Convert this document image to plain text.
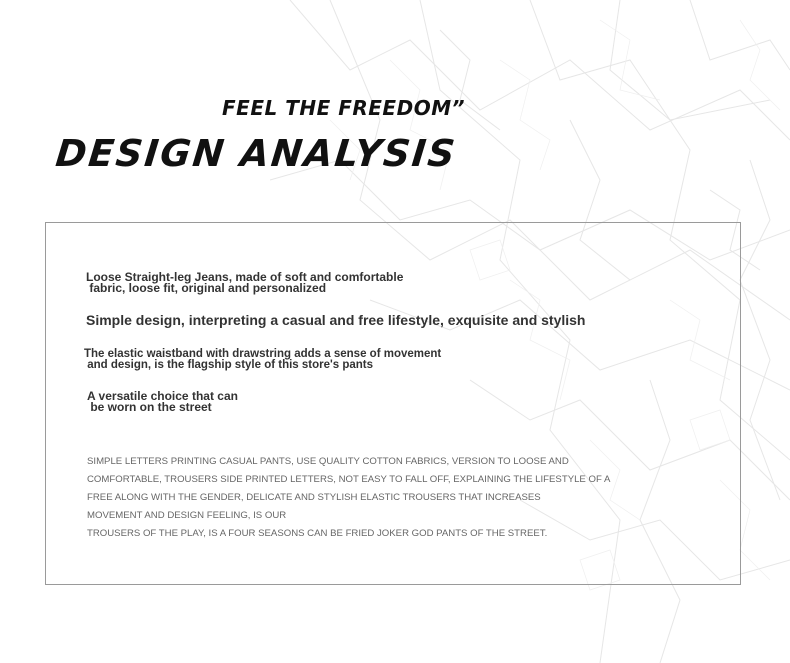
FEEL THE FREEDOM”
DESIGN ANALYSIS
Loose Straight-leg Jeans, made of soft and comfortable
fabric, loose fit, original and personalized
Simple design, interpreting a casual and free lifestyle, exquisite and stylish
The elastic waistband with drawstring adds a sense of movement
and design, is the flagship style of this store's pants
A versatile choice that can
be worn on the street
SIMPLE LETTERS PRINTING CASUAL PANTS, USE QUALITY COTTON FABRICS, VERSION TO LOOSE AND
COMFORTABLE, TROUSERS SIDE PRINTED LETTERS, NOT EASY TO FALL OFF, EXPLAINING THE LIFESTYLE OF A
FREE ALONG WITH THE GENDER, DELICATE AND STYLISH ELASTIC TROUSERS THAT INCREASES
MOVEMENT AND DESIGN FEELING, IS OUR
TROUSERS OF THE PLAY, IS A FOUR SEASONS CAN BE FRIED JOKER GOD PANTS OF THE STREET.
